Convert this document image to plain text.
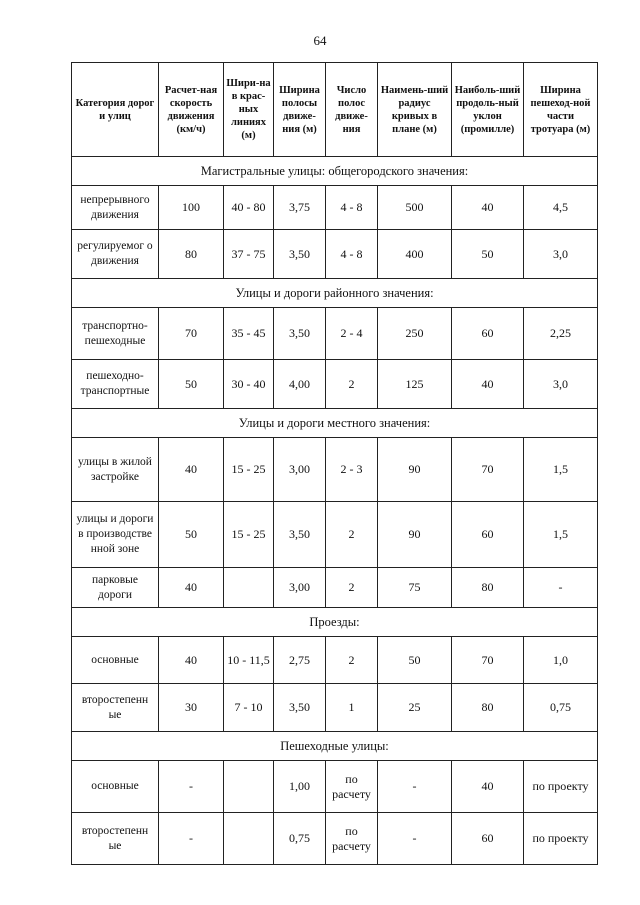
64
Категория дорог и улиц	Расчет-ная скорость движения (км/ч)	Шири-на в крас-ных линиях (м)	Ширина полосы движе-ния (м)	Число полос движе-ния	Наимень-ший радиус кривых в плане (м)	Наиболь-ший продоль-ный уклон (промилле)	Ширина пешеход-ной части тротуара (м)
Магистральные улицы: общегородского значения:							
непрерывного движения	100	40 - 80	3,75	4 - 8	500	40	4,5
регулируемог о движения	80	37 - 75	3,50	4 - 8	400	50	3,0
Улицы и дороги районного значения:							
транспортно-пешеходные	70	35 - 45	3,50	2 - 4	250	60	2,25
пешеходно-транспортные	50	30 - 40	4,00	2	125	40	3,0
Улицы и дороги местного значения:							
улицы в жилой застройке	40	15 - 25	3,00	2 - 3	90	70	1,5
улицы и дороги в производстве нной зоне	50	15 - 25	3,50	2	90	60	1,5
парковые дороги	40		3,00	2	75	80	-
Проезды:							
основные	40	10 - 11,5	2,75	2	50	70	1,0
второстепенн ые	30	7 - 10	3,50	1	25	80	0,75
Пешеходные улицы:							
основные	-		1,00	по расчету	-	40	по проекту
второстепенн ые	-		0,75	по расчету	-	60	по проекту
